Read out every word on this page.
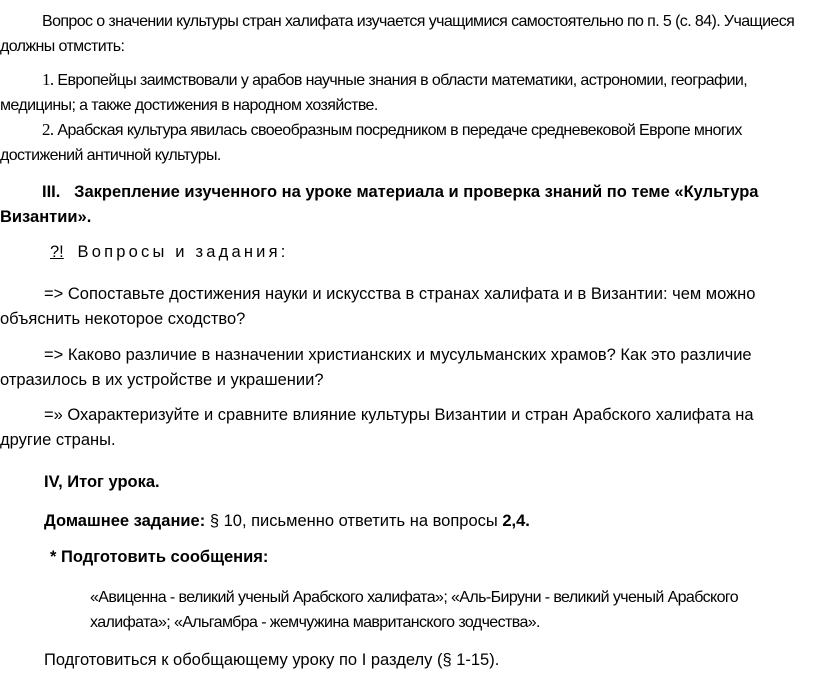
Вопрос о значении культуры стран халифата изучается учащимися самостоятельно по п. 5 (с. 84). Учащиеся должны отмстить:
1. Европейцы заимствовали у арабов научные знания в области математики, астрономии, географии, медицины; а также достижения в народном хозяйстве.
2. Арабская культура явилась своеобразным посредником в передаче средневековой Европе многих достижений античной культуры.
III. Закрепление изученного на уроке материала и проверка знаний по теме «Культура Византии».
?! Вопросы и задания:
=> Сопоставьте достижения науки и искусства в странах халифата и в Византии: чем можно объяснить некоторое сходство?
=> Каково различие в назначении христианских и мусульманских храмов? Как это различие отразилось в их устройстве и украшении?
=» Охарактеризуйте и сравните влияние культуры Византии и стран Арабского халифата на другие страны.
IV, Итог урока.
Домашнее задание: § 10, письменно ответить на вопросы 2,4.
* Подготовить сообщения:
«Авиценна - великий ученый Арабского халифата»; «Аль-Бируни - великий ученый Арабского халифата»; «Альгамбра - жемчужина мавританского зодчества».
Подготовиться к обобщающему уроку по I разделу (§ 1-15).
